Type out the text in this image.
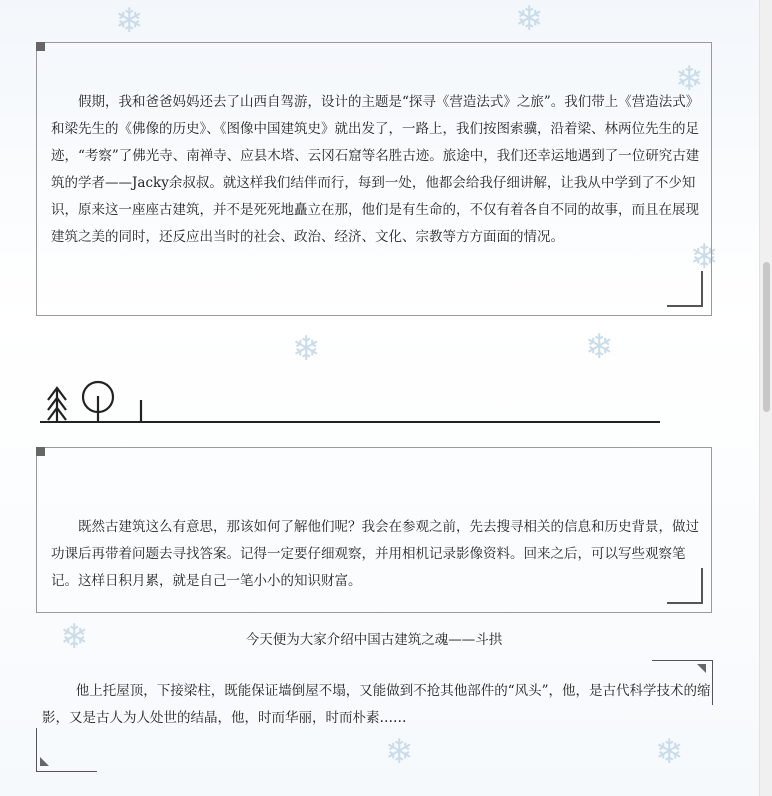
❄	❄
❄
❄	❄
❄
❄
❄	❄

假期，我和爸爸妈妈还去了山西自驾游，设计的主题是“探寻《营造法式》之旅”。我们带上《营造法式》和梁先生的《佛像的历史》、《图像中国建筑史》就出发了，一路上，我们按图索骥，沿着梁、林两位先生的足迹，“考察”了佛光寺、南禅寺、应县木塔、云冈石窟等名胜古迹。旅途中，我们还幸运地遇到了一位研究古建筑的学者——Jacky余叔叔。就这样我们结伴而行，每到一处，他都会给我仔细讲解，让我从中学到了不少知识，原来这一座座古建筑，并不是死死地矗立在那，他们是有生命的，不仅有着各自不同的故事，而且在展现建筑之美的同时，还反应出当时的社会、政治、经济、文化、宗教等方方面面的情况。

既然古建筑这么有意思，那该如何了解他们呢？我会在参观之前，先去搜寻相关的信息和历史背景，做过功课后再带着问题去寻找答案。记得一定要仔细观察，并用相机记录影像资料。回来之后，可以写些观察笔记。这样日积月累，就是自己一笔小小的知识财富。

今天便为大家介绍中国古建筑之魂——斗拱

他上托屋顶，下接梁柱，既能保证墙倒屋不塌，又能做到不抢其他部件的“风头”，他，是古代科学技术的缩影，又是古人为人处世的结晶，他，时而华丽，时而朴素……
